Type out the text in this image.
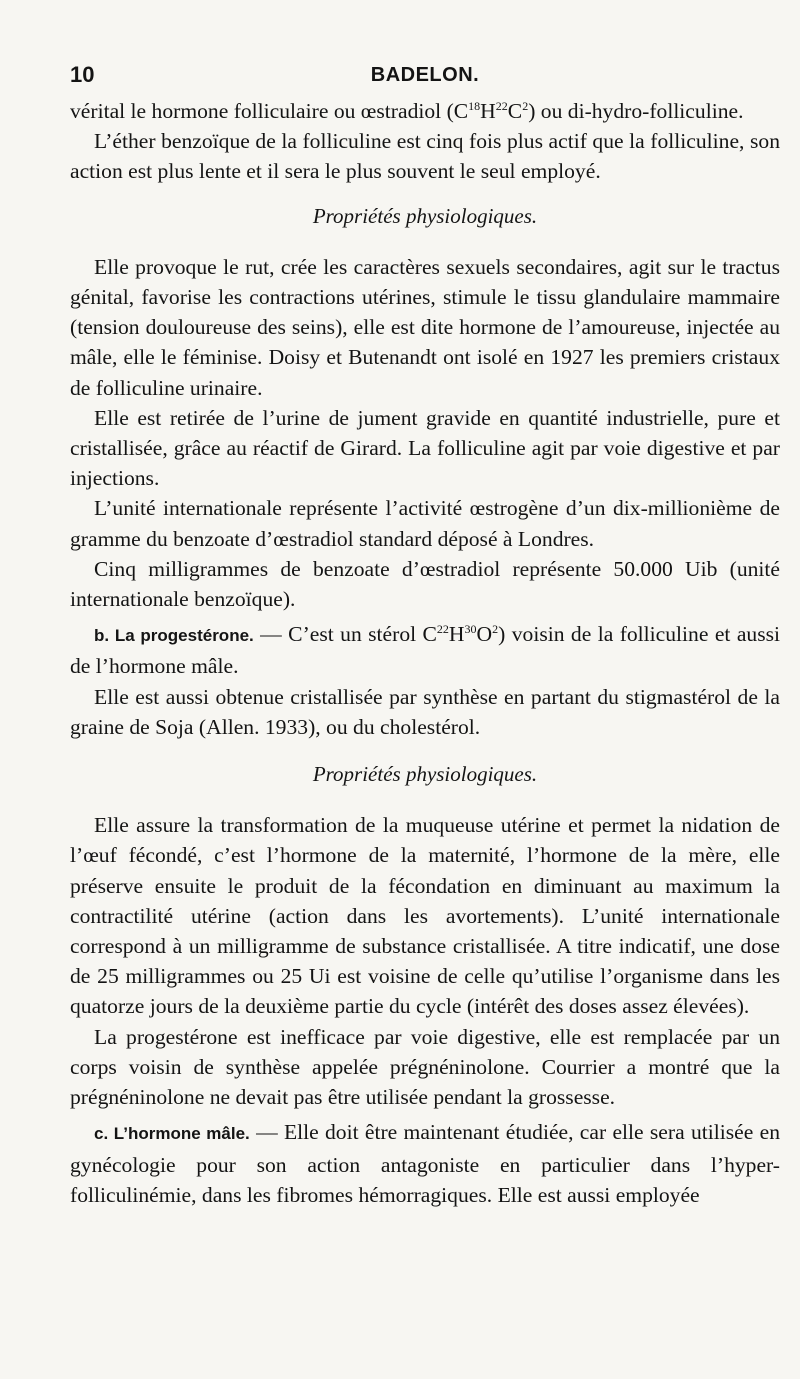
10	BADELON.

vérital le hormone folliculaire ou œstradiol $(C^{18}H^{22}C^2)$ ou di-hydro-folliculine.

L’éther benzoïque de la folliculine est cinq fois plus actif que la folliculine, son action est plus lente et il sera le plus souvent le seul employé.

Propriétés physiologiques.

Elle provoque le rut, crée les caractères sexuels secondaires, agit sur le tractus génital, favorise les contractions utérines, stimule le tissu glandulaire mammaire (tension douloureuse des seins), elle est dite hormone de l’amoureuse, injectée au mâle, elle le féminise. Doisy et Butenandt ont isolé en 1927 les premiers cristaux de folliculine urinaire.

Elle est retirée de l’urine de jument gravide en quantité industrielle, pure et cristallisée, grâce au réactif de Girard. La folliculine agit par voie digestive et par injections.

L’unité internationale représente l’activité œstrogène d’un dix-millionième de gramme du benzoate d’œstradiol standard déposé à Londres.

Cinq milligrammes de benzoate d’œstradiol représente 50.000 Uib (unité internationale benzoïque).

b. La progestérone. — C’est un stérol $C^{22}H^{30}O^2$) voisin de la folliculine et aussi de l’hormone mâle.

Elle est aussi obtenue cristallisée par synthèse en partant du stigmastérol de la graine de Soja (Allen. 1933), ou du cholestérol.

Propriétés physiologiques.

Elle assure la transformation de la muqueuse utérine et permet la nidation de l’œuf fécondé, c’est l’hormone de la maternité, l’hormone de la mère, elle préserve ensuite le produit de la fécondation en diminuant au maximum la contractilité utérine (action dans les avortements). L’unité internationale correspond à un milligramme de substance cristallisée. A titre indicatif, une dose de 25 milligrammes ou 25 Ui est voisine de celle qu’utilise l’organisme dans les quatorze jours de la deuxième partie du cycle (intérêt des doses assez élevées).

La progestérone est inefficace par voie digestive, elle est remplacée par un corps voisin de synthèse appelée prégnéninolone. Courrier a montré que la prégnéninolone ne devait pas être utilisée pendant la grossesse.

c. L’hormone mâle. — Elle doit être maintenant étudiée, car elle sera utilisée en gynécologie pour son action antagoniste en particulier dans l’hyper-folliculinémie, dans les fibromes hémorragiques. Elle est aussi employée
